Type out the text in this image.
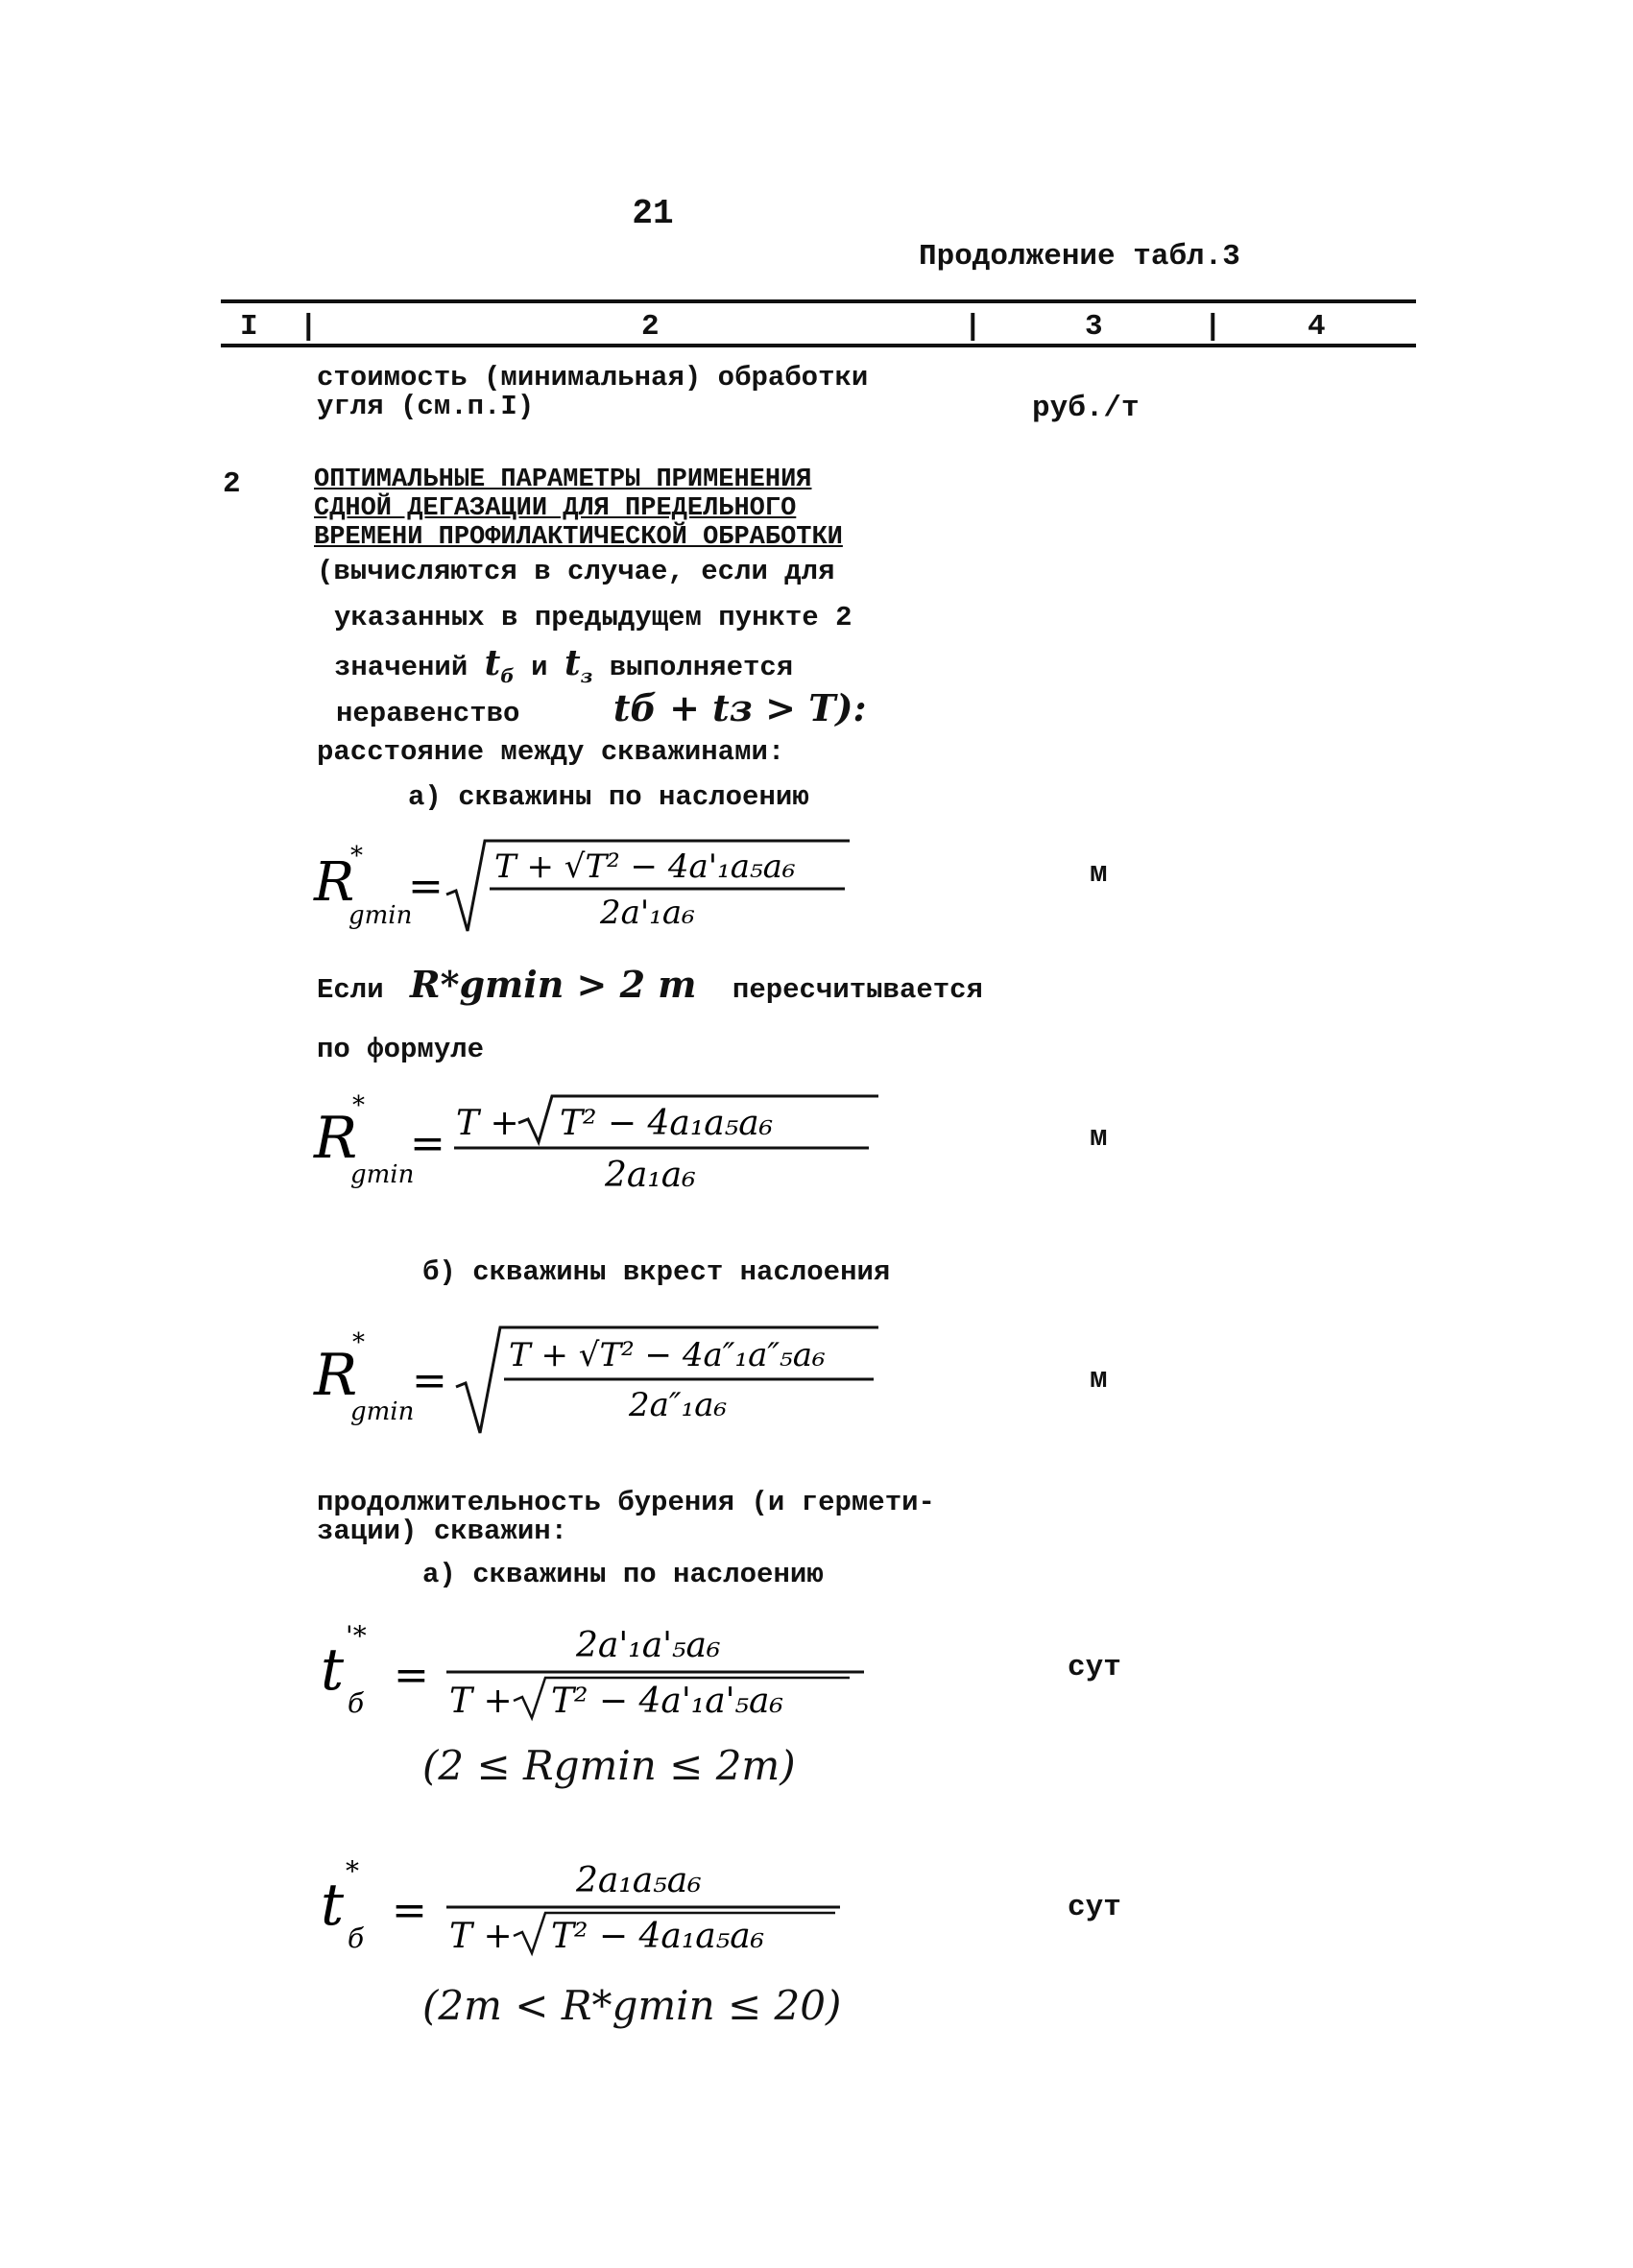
21
Продолжение табл.3
I |	2	|	3	|	4
стоимость (минимальная) обработки
угля (см.п.I)	руб./т
2	ОПТИМАЛЬНЫЕ ПАРАМЕТРЫ ПРИМЕНЕНИЯ
СДНОЙ ДЕГАЗАЦИИ ДЛЯ ПРЕДЕЛЬНОГО
ВРЕМЕНИ ПРОФИЛАКТИЧЕСКОЙ ОБРАБОТКИ
(вычисляются в случае, если для
указанных в предыдущем пункте 2
значений $t_б$ и $t_з$ выполняется
неравенство	tб + tз > T):
расстояние между скважинами:
а) скважины по наслоению
R
*
gmin
= T + √T² − 4a'₁a₅a₆
2a'₁a₆
м
Если R*gmin > 2 m пересчитывается
по формуле
R
*
gmin
= T + T² − 4a₁a₅a₆
2a₁a₆
м
б) скважины вкрест наслоения
R
*
gmin
=
T + √T² − 4a″₁a″₅a₆
2a″₁a₆
м
продолжительность бурения (и гермети-
зации) скважин:
а) скважины по наслоению
t
'*
б
=
2a'₁a'₅a₆
T + T² − 4a'₁a'₅a₆
сут
(2 ≤ Rgmin ≤ 2m)
t
*
б
=
2a₁a₅a₆
T + T² − 4a₁a₅a₆
сут
(2m < R*gmin ≤ 20)
